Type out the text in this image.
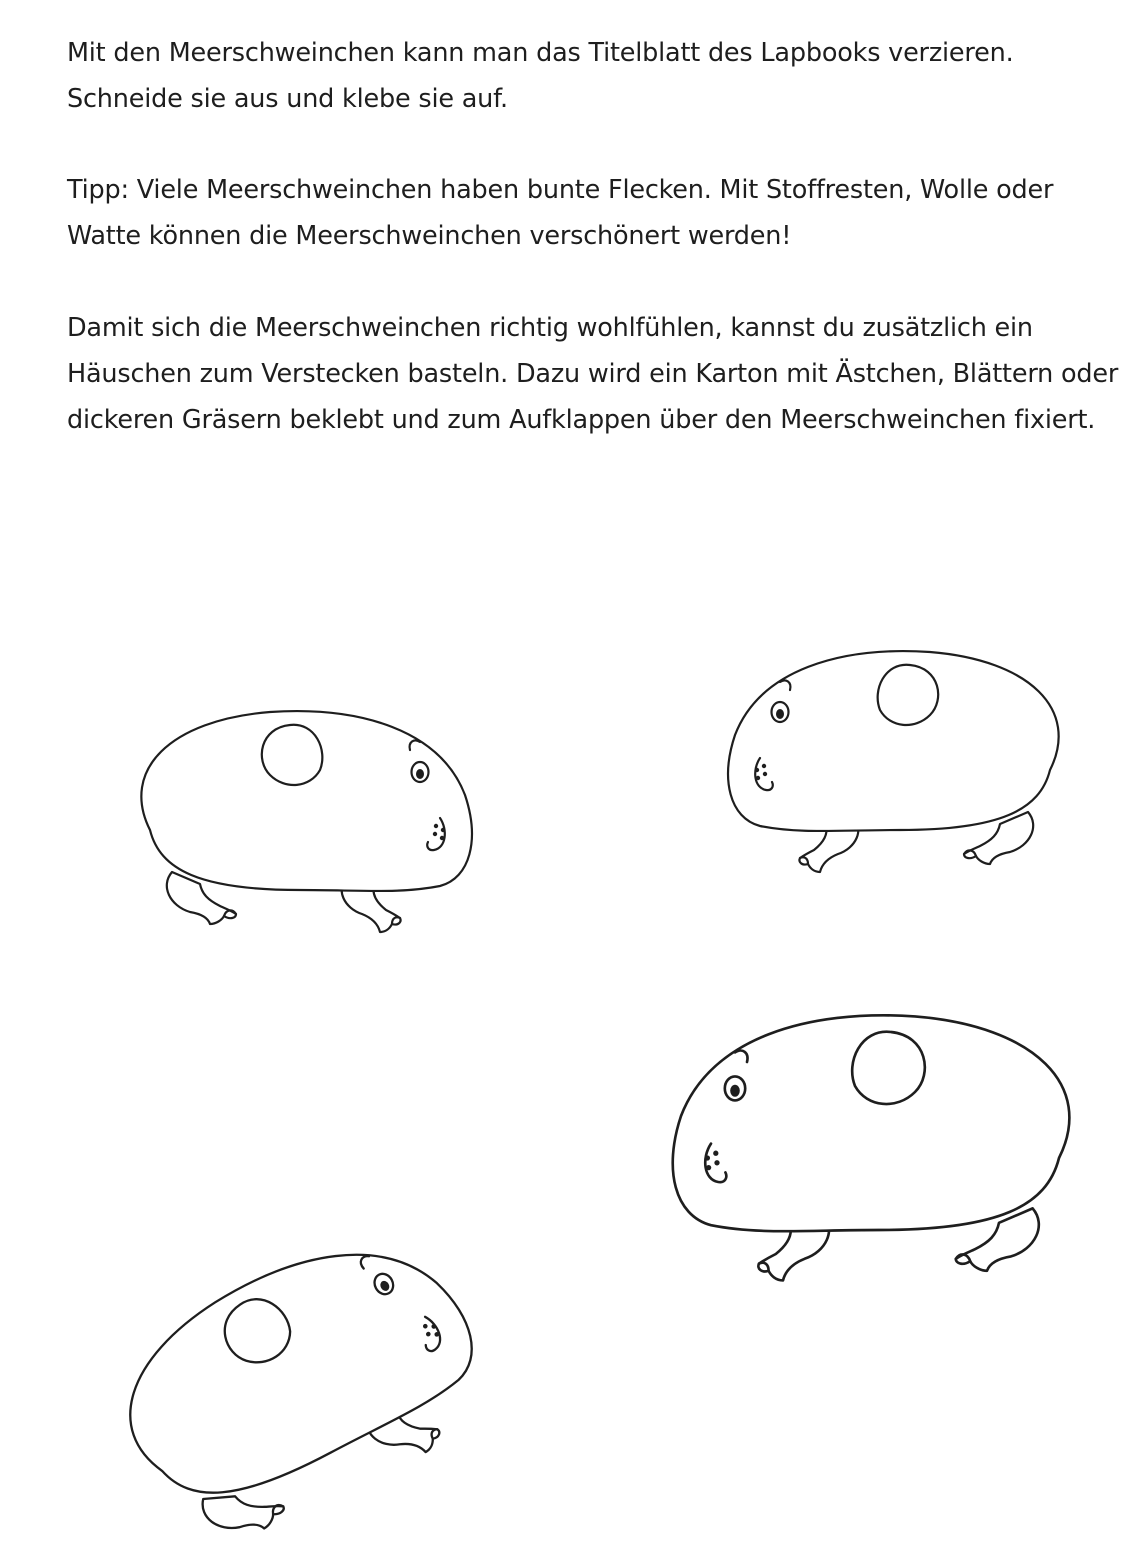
Mit den Meerschweinchen kann man das Titelblatt des Lapbooks verzieren.

Schneide sie aus und klebe sie auf.

Tipp: Viele Meerschweinchen haben bunte Flecken. Mit Stoffresten, Wolle oder

Watte können die Meerschweinchen verschönert werden!

Damit sich die Meerschweinchen richtig wohlfühlen, kannst du zusätzlich ein

Häuschen zum Verstecken basteln. Dazu wird ein Karton mit Ästchen, Blättern oder

dickeren Gräsern beklebt und zum Aufklappen über den Meerschweinchen fixiert.
